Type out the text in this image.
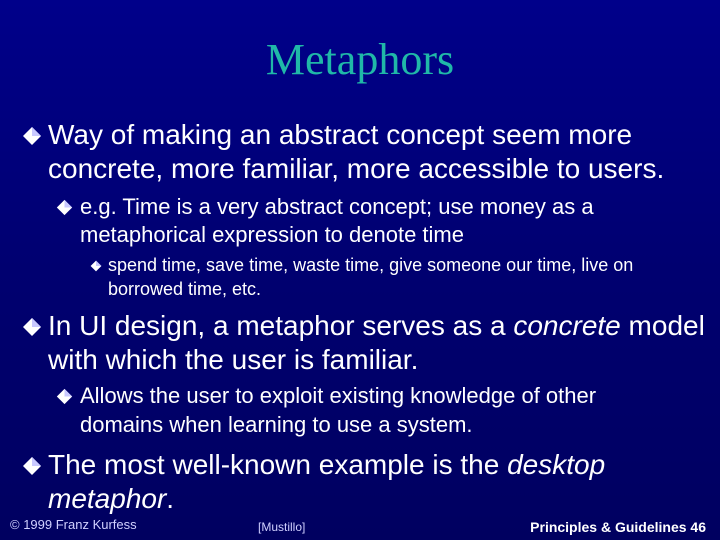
Metaphors
Way of making an abstract concept seem more
concrete, more familiar, more accessible to users.
e.g. Time is a very abstract concept; use money as a
metaphorical expression to denote time
spend time, save time, waste time, give someone our time, live on
borrowed time, etc.
In UI design, a metaphor serves as a concrete model
with which the user is familiar.
Allows the user to exploit existing knowledge of other
domains when learning to use a system.
The most well-known example is the desktop
metaphor.
© 1999 Franz Kurfess	[Mustillo]	Principles & Guidelines 46
